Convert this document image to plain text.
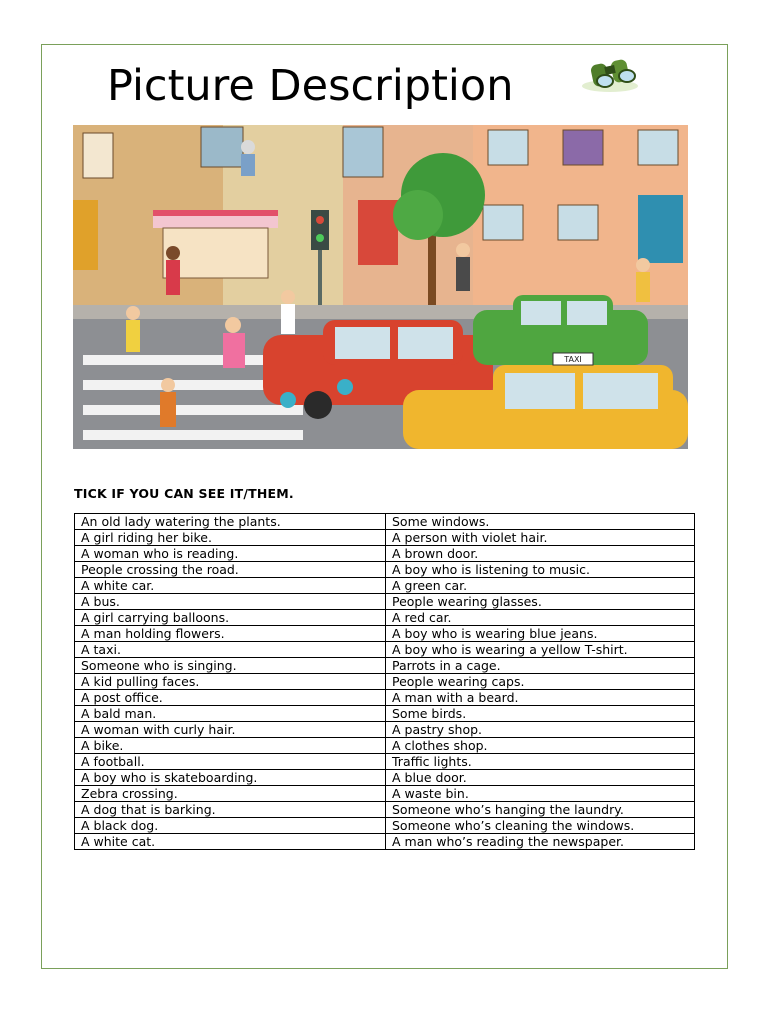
Picture Description
TAXI
TICK IF YOU CAN SEE IT/THEM.
An old lady watering the plants.	Some windows.
A girl riding her bike.	A person with violet hair.
A woman who is reading.	A brown door.
People crossing the road.	A boy who is listening to music.
A white car.	A green car.
A bus.	People wearing glasses.
A girl carrying balloons.	A red car.
A man holding flowers.	A boy who is wearing blue jeans.
A taxi.	A boy who is wearing a yellow T-shirt.
Someone who is singing.	Parrots in a cage.
A kid pulling faces.	People wearing caps.
A post office.	A man with a beard.
A bald man.	Some birds.
A woman with curly hair.	A pastry shop.
A bike.	A clothes shop.
A football.	Traffic lights.
A boy who is skateboarding.	A blue door.
Zebra crossing.	A waste bin.
A dog that is barking.	Someone who’s hanging the laundry.
A black dog.	Someone who’s cleaning the windows.
A white cat.	A man who’s reading the newspaper.
